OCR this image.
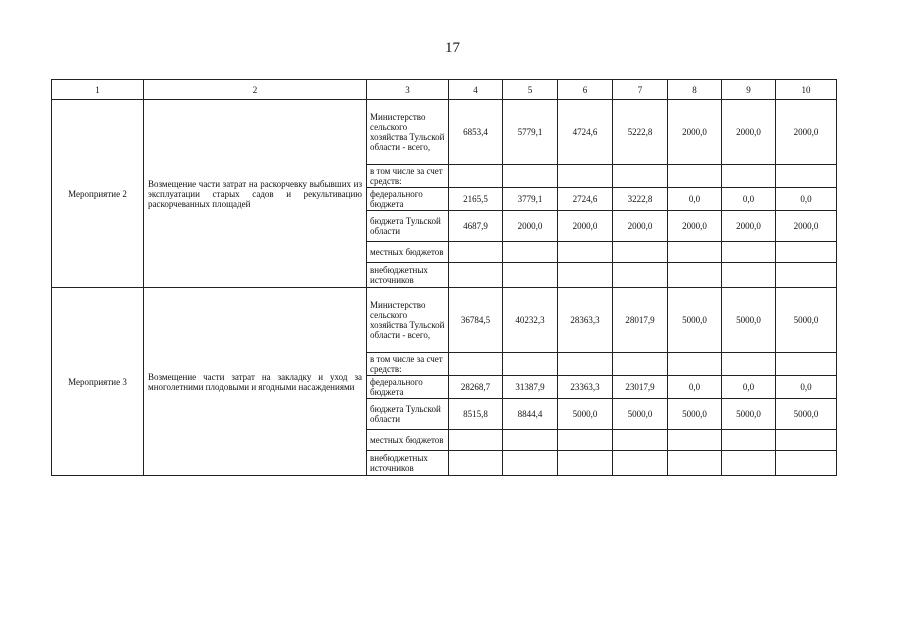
17
1	2	3	4	5	6	7	8	9	10
Мероприятие 2	Возмещение части затрат на раскорчевку выбывших из эксплуатации старых садов и рекультивацию раскорчеванных площадей	Министерство сельского хозяйства Тульской области - всего,	6853,4	5779,1	4724,6	5222,8	2000,0	2000,0	2000,0
		в том числе за счет средств:							
		федерального бюджета	2165,5	3779,1	2724,6	3222,8	0,0	0,0	0,0
		бюджета Тульской области	4687,9	2000,0	2000,0	2000,0	2000,0	2000,0	2000,0
		местных бюджетов							
		внебюджетных источников							
Мероприятие 3	Возмещение части затрат на закладку и уход за многолетними плодовыми и ягодными насаждениями	Министерство сельского хозяйства Тульской области - всего,	36784,5	40232,3	28363,3	28017,9	5000,0	5000,0	5000,0
		в том числе за счет средств:							
		федерального бюджета	28268,7	31387,9	23363,3	23017,9	0,0	0,0	0,0
		бюджета Тульской области	8515,8	8844,4	5000,0	5000,0	5000,0	5000,0	5000,0
		местных бюджетов							
		внебюджетных источников							
